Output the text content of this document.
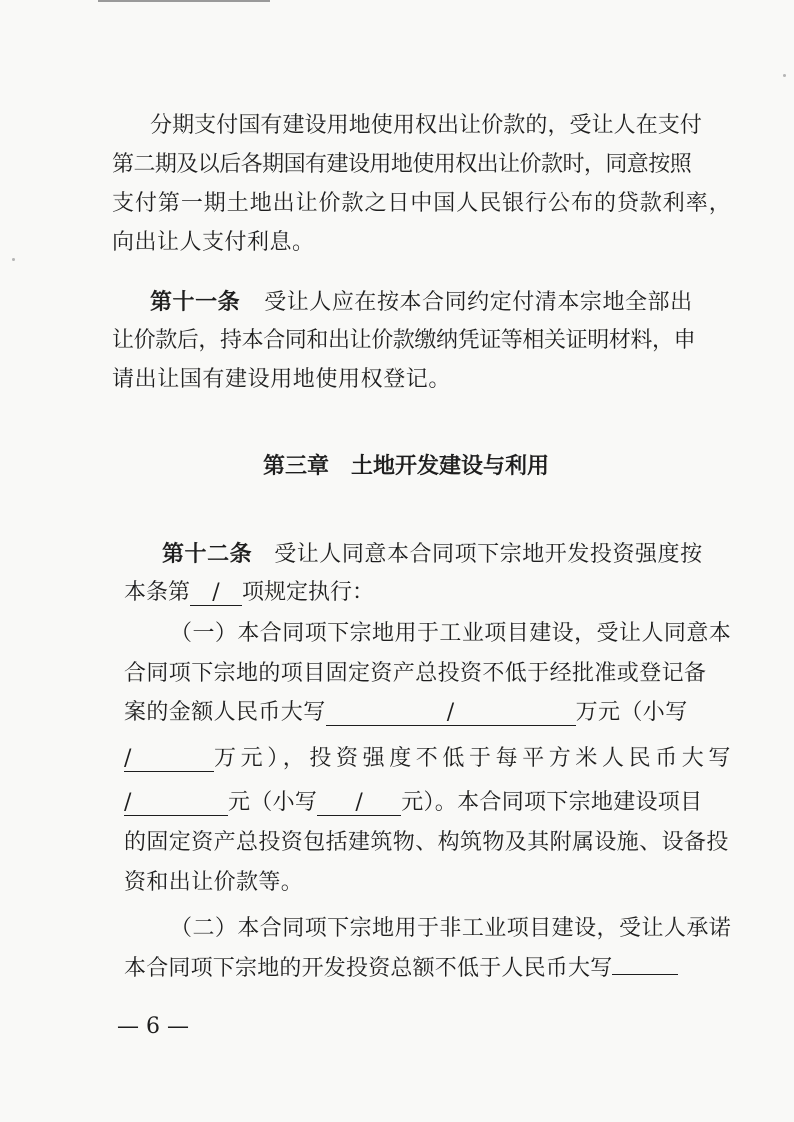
分期支付国有建设用地使用权出让价款的，受让人在支付
第二期及以后各期国有建设用地使用权出让价款时，同意按照
支付第一期土地出让价款之日中国人民银行公布的贷款利率，
向出让人支付利息。
第十一条 受让人应在按本合同约定付清本宗地全部出
让价款后，持本合同和出让价款缴纳凭证等相关证明材料，申
请出让国有建设用地使用权登记。
第三章 土地开发建设与利用
第十二条 受让人同意本合同项下宗地开发投资强度按
本条第 / 项规定执行：
（一）本合同项下宗地用于工业项目建设，受让人同意本
合同项下宗地的项目固定资产总投资不低于经批准或登记备
案的金额人民币大写	/	万元（小写
/	万元），投资强度不低于每平方米人民币大写
/	元（小写 / 元）。本合同项下宗地建设项目
的固定资产总投资包括建筑物、构筑物及其附属设施、设备投
资和出让价款等。
（二）本合同项下宗地用于非工业项目建设，受让人承诺
本合同项下宗地的开发投资总额不低于人民币大写
— 6 —
